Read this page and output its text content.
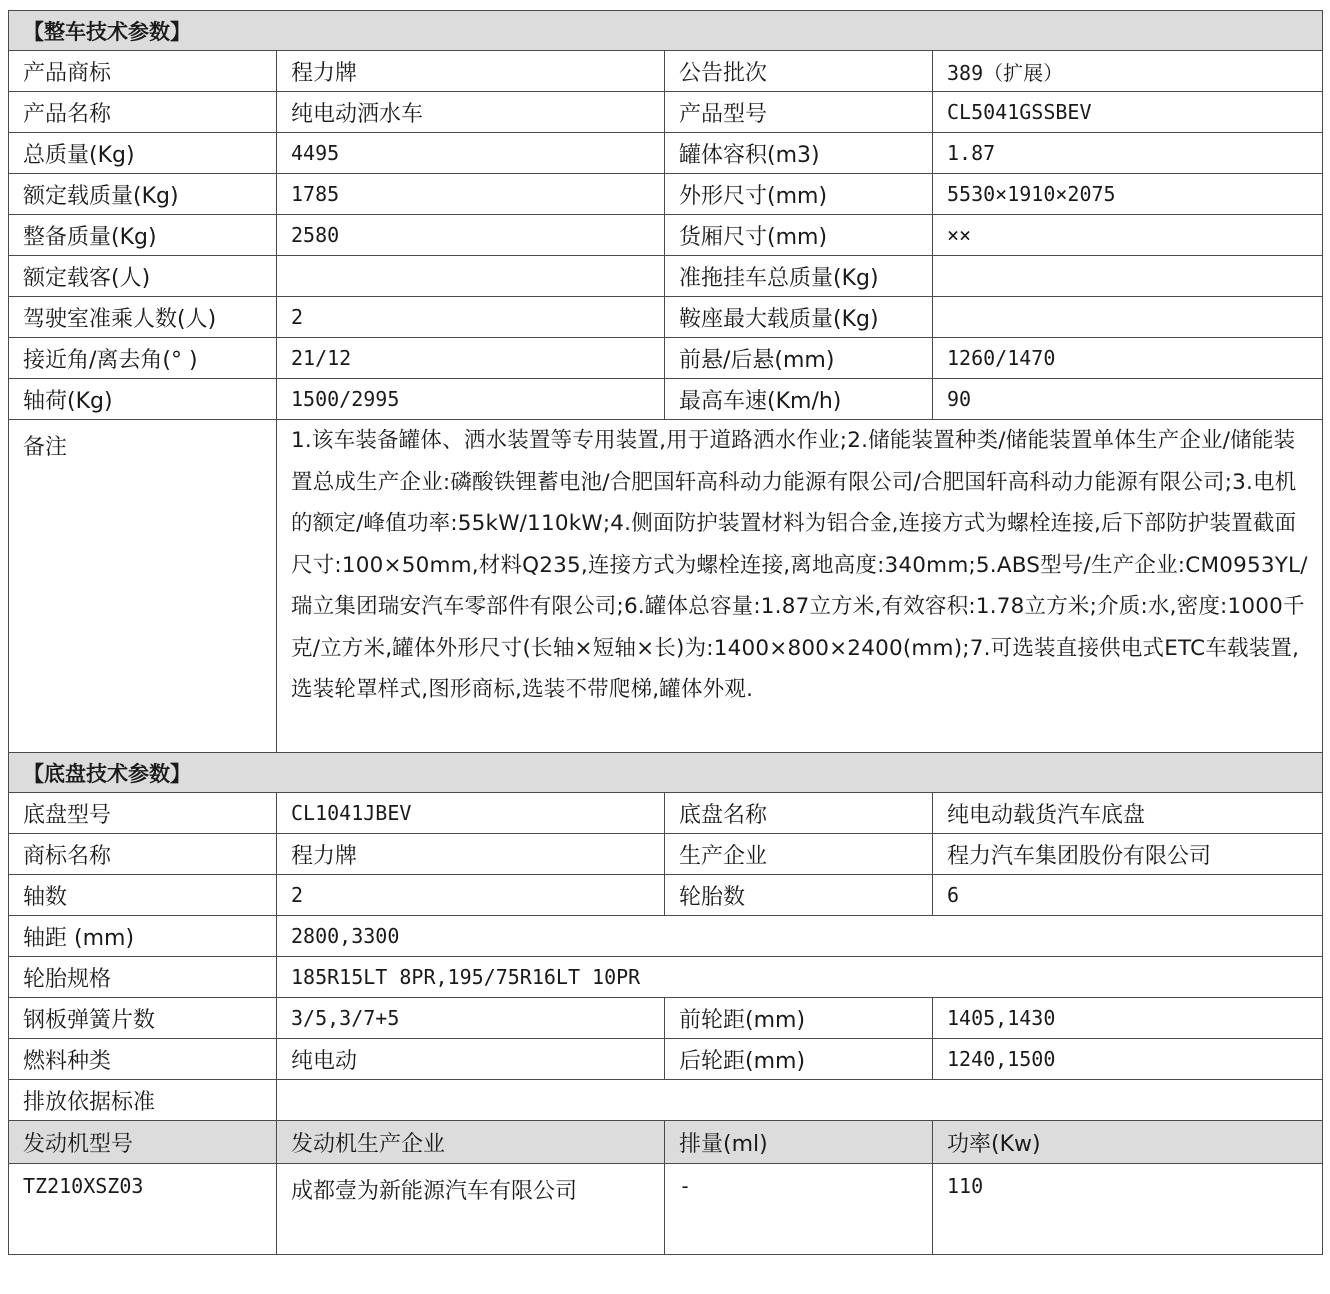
【整车技术参数】			
产品商标	程力牌	公告批次	389（扩展）
产品名称	纯电动洒水车	产品型号	CL5041GSSBEV
总质量(Kg)	4495	罐体容积(m3)	1.87
额定载质量(Kg)	1785	外形尺寸(mm)	5530×1910×2075
整备质量(Kg)	2580	货厢尺寸(mm)	××
额定载客(人)		准拖挂车总质量(Kg)	
驾驶室准乘人数(人)	2	鞍座最大载质量(Kg)	
接近角/离去角(° )	21/12	前悬/后悬(mm)	1260/1470
轴荷(Kg)	1500/2995	最高车速(Km/h)	90
备注	1.该车装备罐体、洒水装置等专用装置,用于道路洒水作业;2.储能装置种类/储能装置单体生产企业/储能装置总成生产企业:磷酸铁锂蓄电池/合肥国轩高科动力能源有限公司/合肥国轩高科动力能源有限公司;3.电机的额定/峰值功率:55kW/110kW;4.侧面防护装置材料为铝合金,连接方式为螺栓连接,后下部防护装置截面尺寸:100×50mm,材料Q235,连接方式为螺栓连接,离地高度:340mm;5.ABS型号/生产企业:CM0953YL/瑞立集团瑞安汽车零部件有限公司;6.罐体总容量:1.87立方米,有效容积:1.78立方米;介质:水,密度:1000千克/立方米,罐体外形尺寸(长轴×短轴×长)为:1400×800×2400(mm);7.可选装直接供电式ETC车载装置,选装轮罩样式,图形商标,选装不带爬梯,罐体外观.		
【底盘技术参数】			
底盘型号	CL1041JBEV	底盘名称	纯电动载货汽车底盘
商标名称	程力牌	生产企业	程力汽车集团股份有限公司
轴数	2	轮胎数	6
轴距 (mm)	2800,3300		
轮胎规格	185R15LT 8PR,195/75R16LT 10PR		
钢板弹簧片数	3/5,3/7+5	前轮距(mm)	1405,1430
燃料种类	纯电动	后轮距(mm)	1240,1500
排放依据标准			
发动机型号	发动机生产企业	排量(ml)	功率(Kw)
TZ210XSZ03	成都壹为新能源汽车有限公司	-	110
